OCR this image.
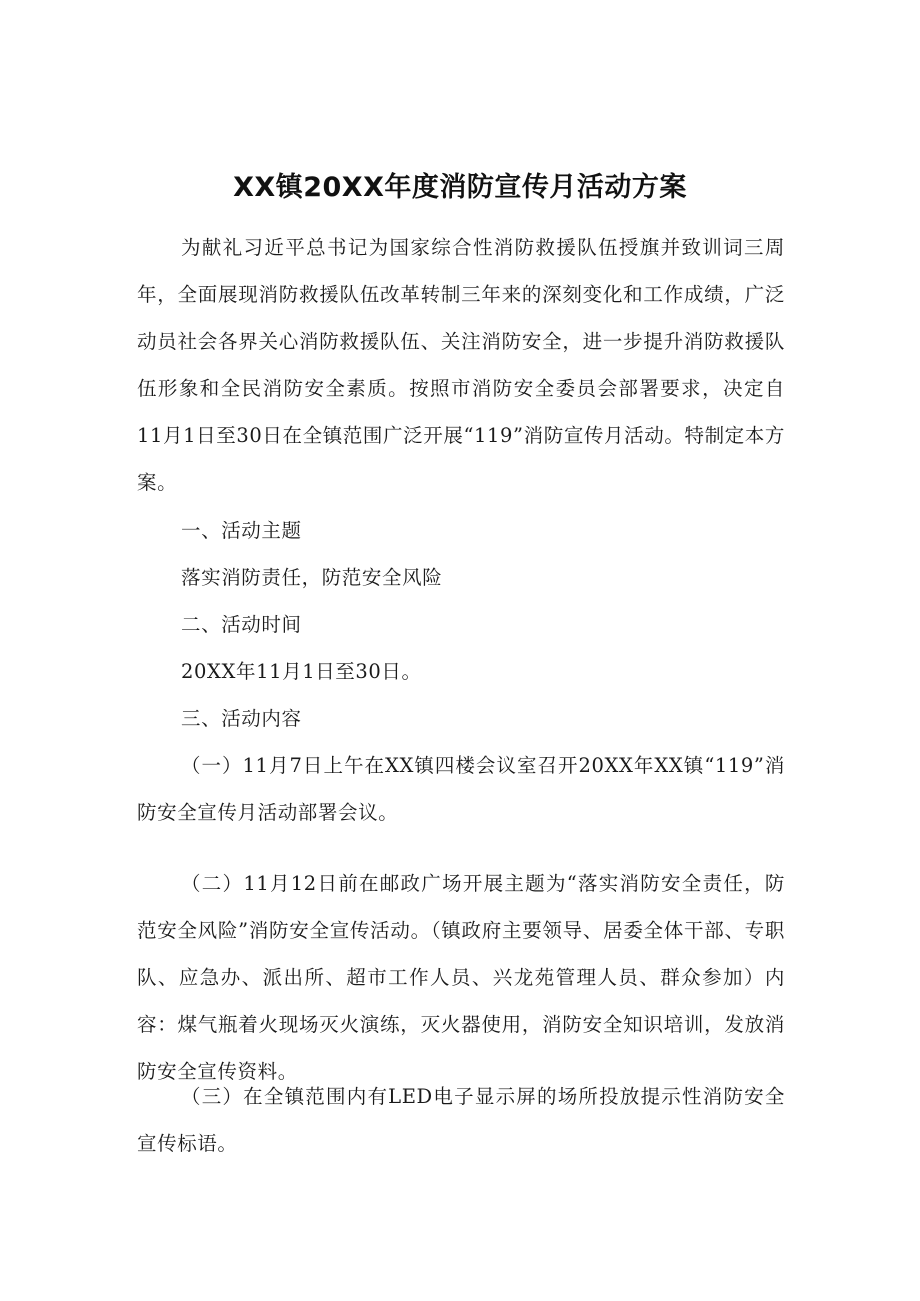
XX镇20XX年度消防宣传月活动方案
为献礼习近平总书记为国家综合性消防救援队伍授旗并致训词三周年，全面展现消防救援队伍改革转制三年来的深刻变化和工作成绩，广泛动员社会各界关心消防救援队伍、关注消防安全，进一步提升消防救援队伍形象和全民消防安全素质。按照市消防安全委员会部署要求，决定自11月1日至30日在全镇范围广泛开展“119”消防宣传月活动。特制定本方案。
一、活动主题
落实消防责任，防范安全风险
二、活动时间
20XX年11月1日至30日。
三、活动内容
（一）11月7日上午在XX镇四楼会议室召开20XX年XX镇“119”消防安全宣传月活动部署会议。
（二）11月12日前在邮政广场开展主题为“落实消防安全责任，防范安全风险”消防安全宣传活动。（镇政府主要领导、居委全体干部、专职队、应急办、派出所、超市工作人员、兴龙苑管理人员、群众参加）内容：煤气瓶着火现场灭火演练，灭火器使用，消防安全知识培训，发放消防安全宣传资料。
（三）在全镇范围内有LED电子显示屏的场所投放提示性消防安全宣传标语。
